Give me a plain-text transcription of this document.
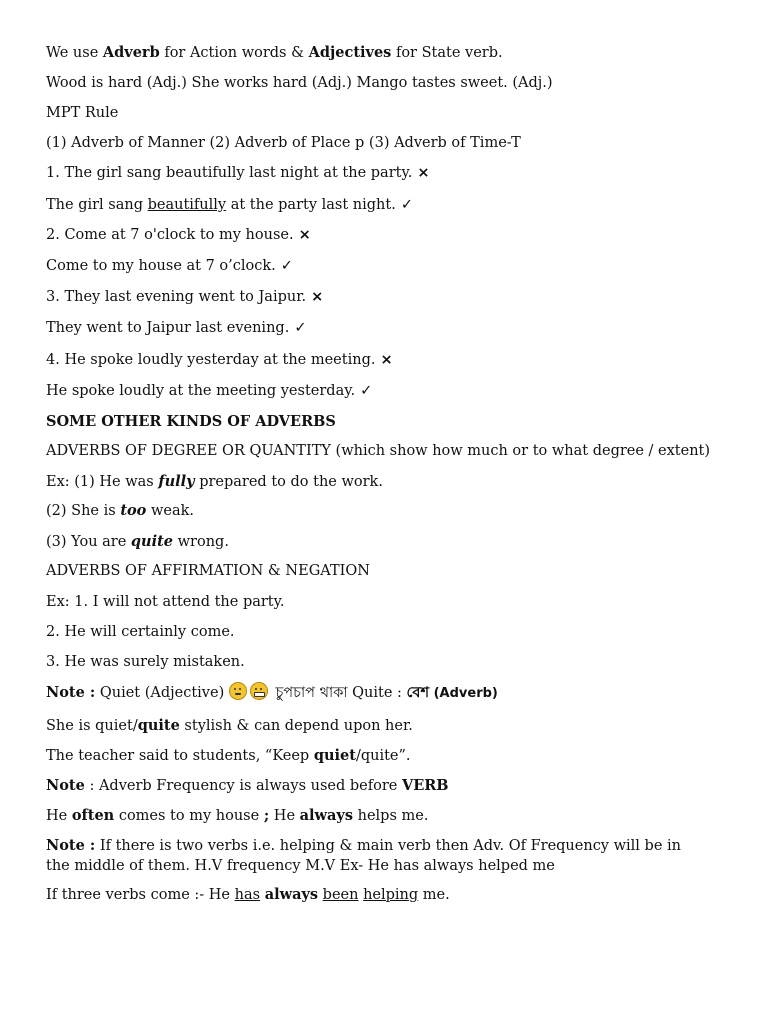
We use Adverb for Action words & Adjectives for State verb.
Wood is hard (Adj.) She works hard (Adj.) Mango tastes sweet. (Adj.)
MPT Rule
(1) Adverb of Manner (2) Adverb of Place p (3) Adverb of Time-T
1. The girl sang beautifully last night at the party. ×
The girl sang beautifully at the party last night. ✓
2. Come at 7 o'clock to my house. ×
Come to my house at 7 o’clock. ✓
3. They last evening went to Jaipur. ×
They went to Jaipur last evening. ✓
4. He spoke loudly yesterday at the meeting. ×
He spoke loudly at the meeting yesterday. ✓
SOME OTHER KINDS OF ADVERBS
ADVERBS OF DEGREE OR QUANTITY (which show how much or to what degree / extent)
Ex: (1) He was fully prepared to do the work.
(2) She is too weak.
(3) You are quite wrong.
ADVERBS OF AFFIRMATION & NEGATION
Ex: 1. I will not attend the party.
2. He will certainly come.
3. He was surely mistaken.
Note : Quiet (Adjective)	চুপচাপ থাকা Quite : বেশ (Adverb)
She is quiet/quite stylish & can depend upon her.
The teacher said to students, “Keep quiet/quite”.
Note : Adverb Frequency is always used before VERB
He often comes to my house ; He always helps me.
Note : If there is two verbs i.e. helping & main verb then Adv. Of Frequency will be in the middle of them. H.V frequency M.V Ex- He has always helped me
If three verbs come :- He has always been helping me.
